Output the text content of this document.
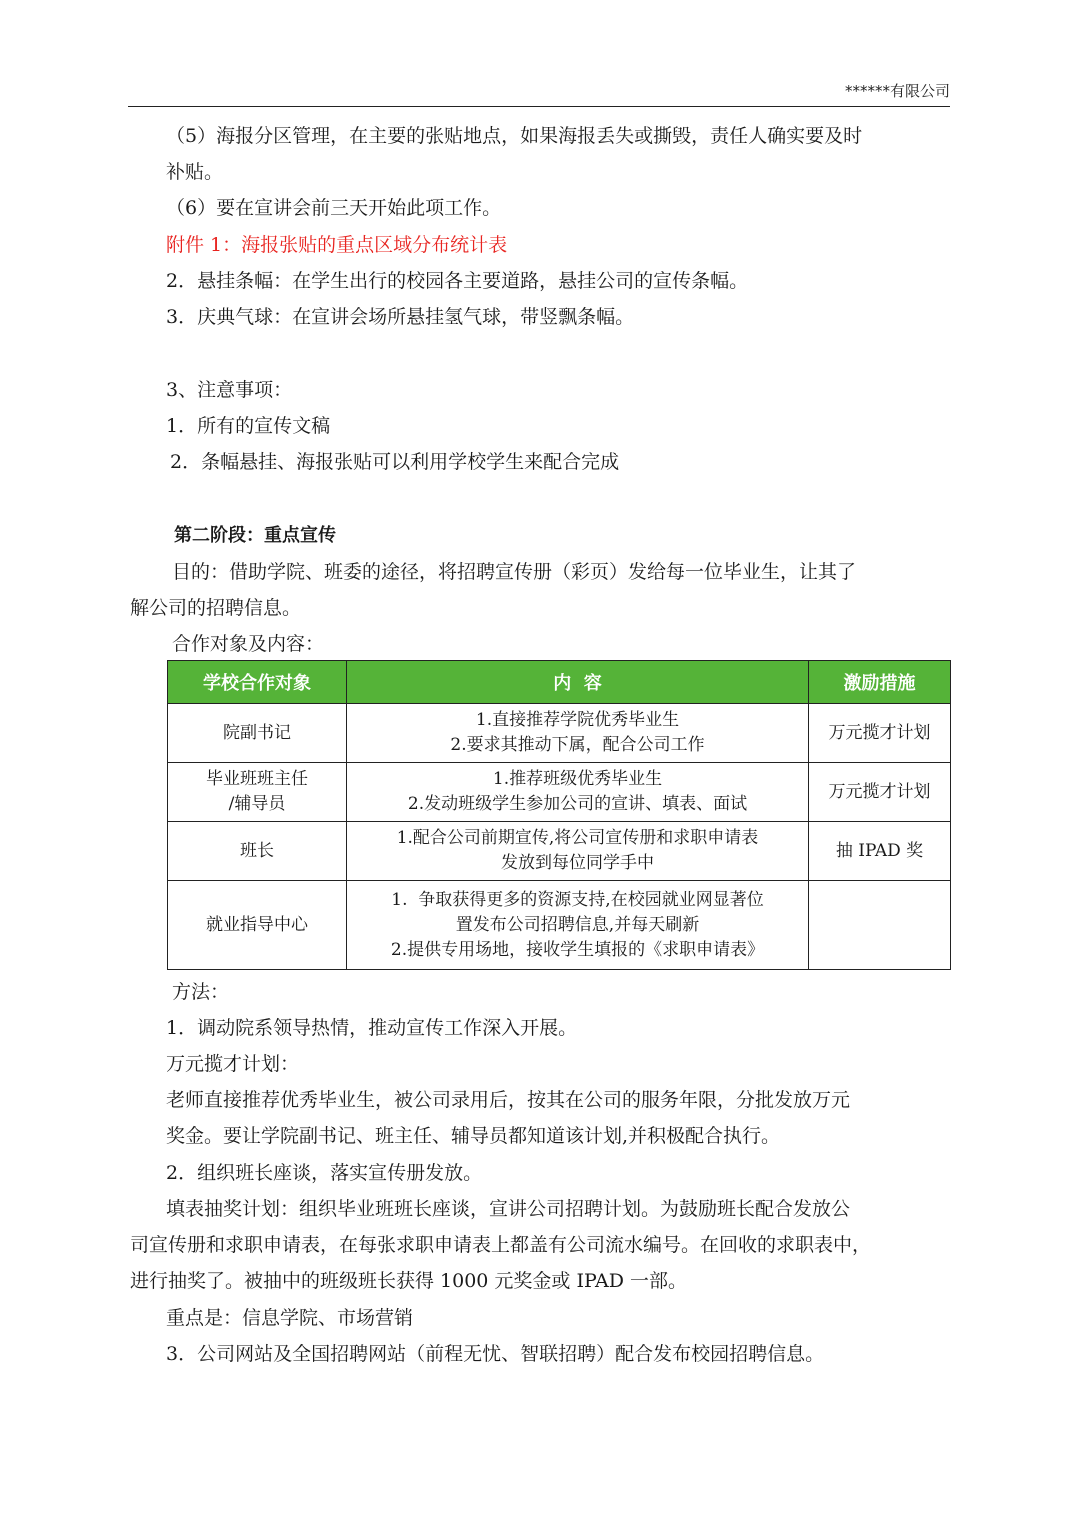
******有限公司
（5）海报分区管理，在主要的张贴地点，如果海报丢失或撕毁，责任人确实要及时
补贴。
（6）要在宣讲会前三天开始此项工作。
附件 1：海报张贴的重点区域分布统计表
2．悬挂条幅：在学生出行的校园各主要道路，悬挂公司的宣传条幅。
3．庆典气球：在宣讲会场所悬挂氢气球，带竖飘条幅。
3、注意事项：
1．所有的宣传文稿
2．条幅悬挂、海报张贴可以利用学校学生来配合完成
第二阶段：重点宣传
目的：借助学院、班委的途径，将招聘宣传册（彩页）发给每一位毕业生，让其了
解公司的招聘信息。
合作对象及内容：
学校合作对象	内  容	激励措施

院副书记	1.直接推荐学院优秀毕业生
2.要求其推动下属，配合公司工作	万元揽才计划

毕业班班主任
/辅导员	1.推荐班级优秀毕业生
2.发动班级学生参加公司的宣讲、填表、面试	万元揽才计划

班长	1.配合公司前期宣传,将公司宣传册和求职申请表
发放到每位同学手中	抽 IPAD 奖

就业指导中心	1.  争取获得更多的资源支持,在校园就业网显著位
置发布公司招聘信息,并每天刷新
2.提供专用场地，接收学生填报的《求职申请表》	

方法：
1．调动院系领导热情，推动宣传工作深入开展。
万元揽才计划：
老师直接推荐优秀毕业生，被公司录用后，按其在公司的服务年限，分批发放万元
奖金。要让学院副书记、班主任、辅导员都知道该计划,并积极配合执行。
2．组织班长座谈，落实宣传册发放。
填表抽奖计划：组织毕业班班长座谈，宣讲公司招聘计划。为鼓励班长配合发放公
司宣传册和求职申请表，在每张求职申请表上都盖有公司流水编号。在回收的求职表中，
进行抽奖了。被抽中的班级班长获得 1000 元奖金或 IPAD 一部。
重点是：信息学院、市场营销
3．公司网站及全国招聘网站（前程无忧、智联招聘）配合发布校园招聘信息。
